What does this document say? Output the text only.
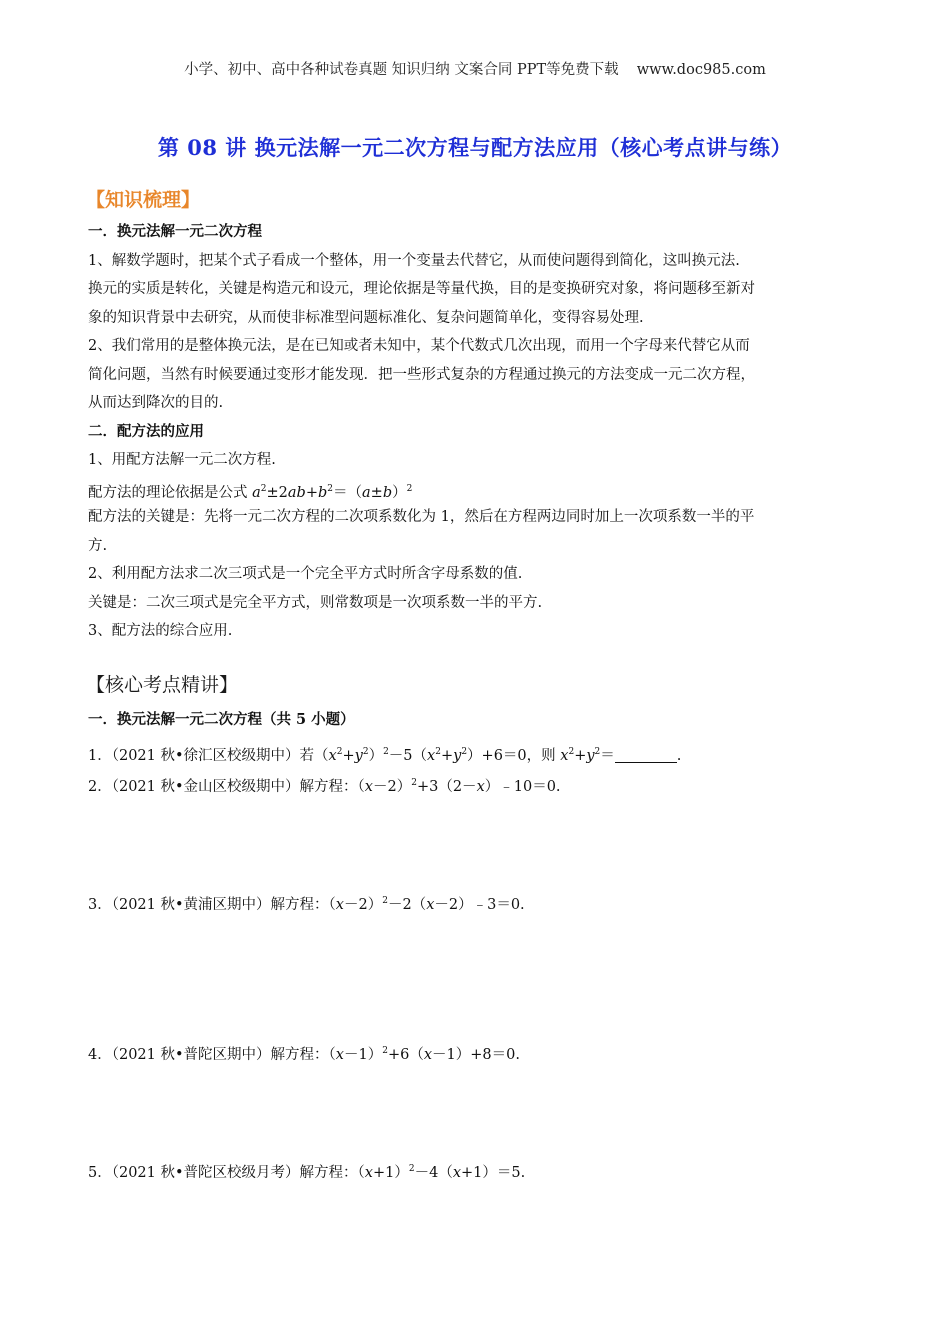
小学、初中、高中各种试卷真题 知识归纳 文案合同 PPT等免费下载 www.doc985.com
第 08 讲 换元法解一元二次方程与配方法应用（核心考点讲与练）
【知识梳理】
一．换元法解一元二次方程
1、解数学题时，把某个式子看成一个整体，用一个变量去代替它，从而使问题得到简化，这叫换元法.
换元的实质是转化，关键是构造元和设元，理论依据是等量代换，目的是变换研究对象，将问题移至新对
象的知识背景中去研究，从而使非标准型问题标准化、复杂问题简单化，变得容易处理.
2、我们常用的是整体换元法，是在已知或者未知中，某个代数式几次出现，而用一个字母来代替它从而
简化问题，当然有时候要通过变形才能发现．把一些形式复杂的方程通过换元的方法变成一元二次方程，
从而达到降次的目的.
二．配方法的应用
1、用配方法解一元二次方程.
配方法的理论依据是公式 $a^2\pm 2ab+b^2=(a\pm b)^2$
配方法的关键是：先将一元二次方程的二次项系数化为 1，然后在方程两边同时加上一次项系数一半的平
方.
2、利用配方法求二次三项式是一个完全平方式时所含字母系数的值.
关键是：二次三项式是完全平方式，则常数项是一次项系数一半的平方.
3、配方法的综合应用.
【核心考点精讲】
一．换元法解一元二次方程（共 5 小题）
1．（2021 秋•徐汇区校级期中）若$(x^2+y^2)^2-5(x^2+y^2)+6=0$，则 $x^2+y^2=$	.
2．（2021 秋•金山区校级期中）解方程：$(x-2)^2+3(2-x)﹣10=0$.
3．（2021 秋•黄浦区期中）解方程：$(x-2)^2-2(x-2)﹣3=0$.
4．（2021 秋•普陀区期中）解方程：$(x-1)^2+6(x-1)+8=0$.
5．（2021 秋•普陀区校级月考）解方程：$(x+1)^2-4(x+1)=5$.
